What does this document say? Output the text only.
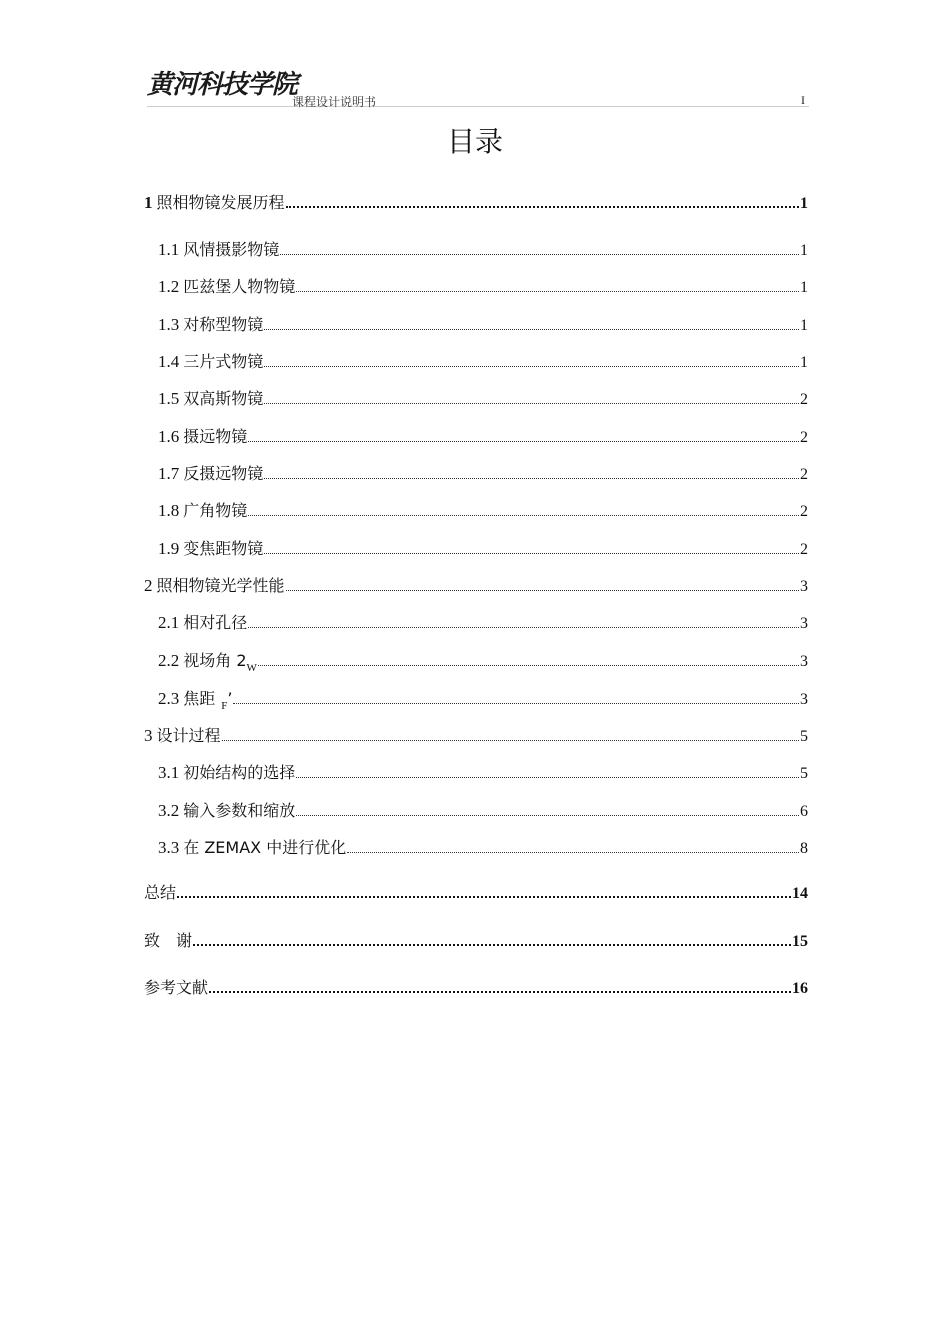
黄河科技学院
课程设计说明书	I
目录
1 照相物镜发展历程	1
1.1 风情摄影物镜	1
1.2 匹兹堡人物物镜	1
1.3 对称型物镜	1
1.4 三片式物镜	1
1.5 双高斯物镜	2
1.6 摄远物镜	2
1.7 反摄远物镜	2
1.8 广角物镜	2
1.9 变焦距物镜	2
2 照相物镜光学性能	3
2.1 相对孔径	3
2.2 视场角 $2_W$	3
2.3 焦距 $_F$’	3
3 设计过程	5
3.1 初始结构的选择	5
3.2 输入参数和缩放	6
3.3 在 ZEMAX 中进行优化	8
总结	14
致　谢	15
参考文献	16
